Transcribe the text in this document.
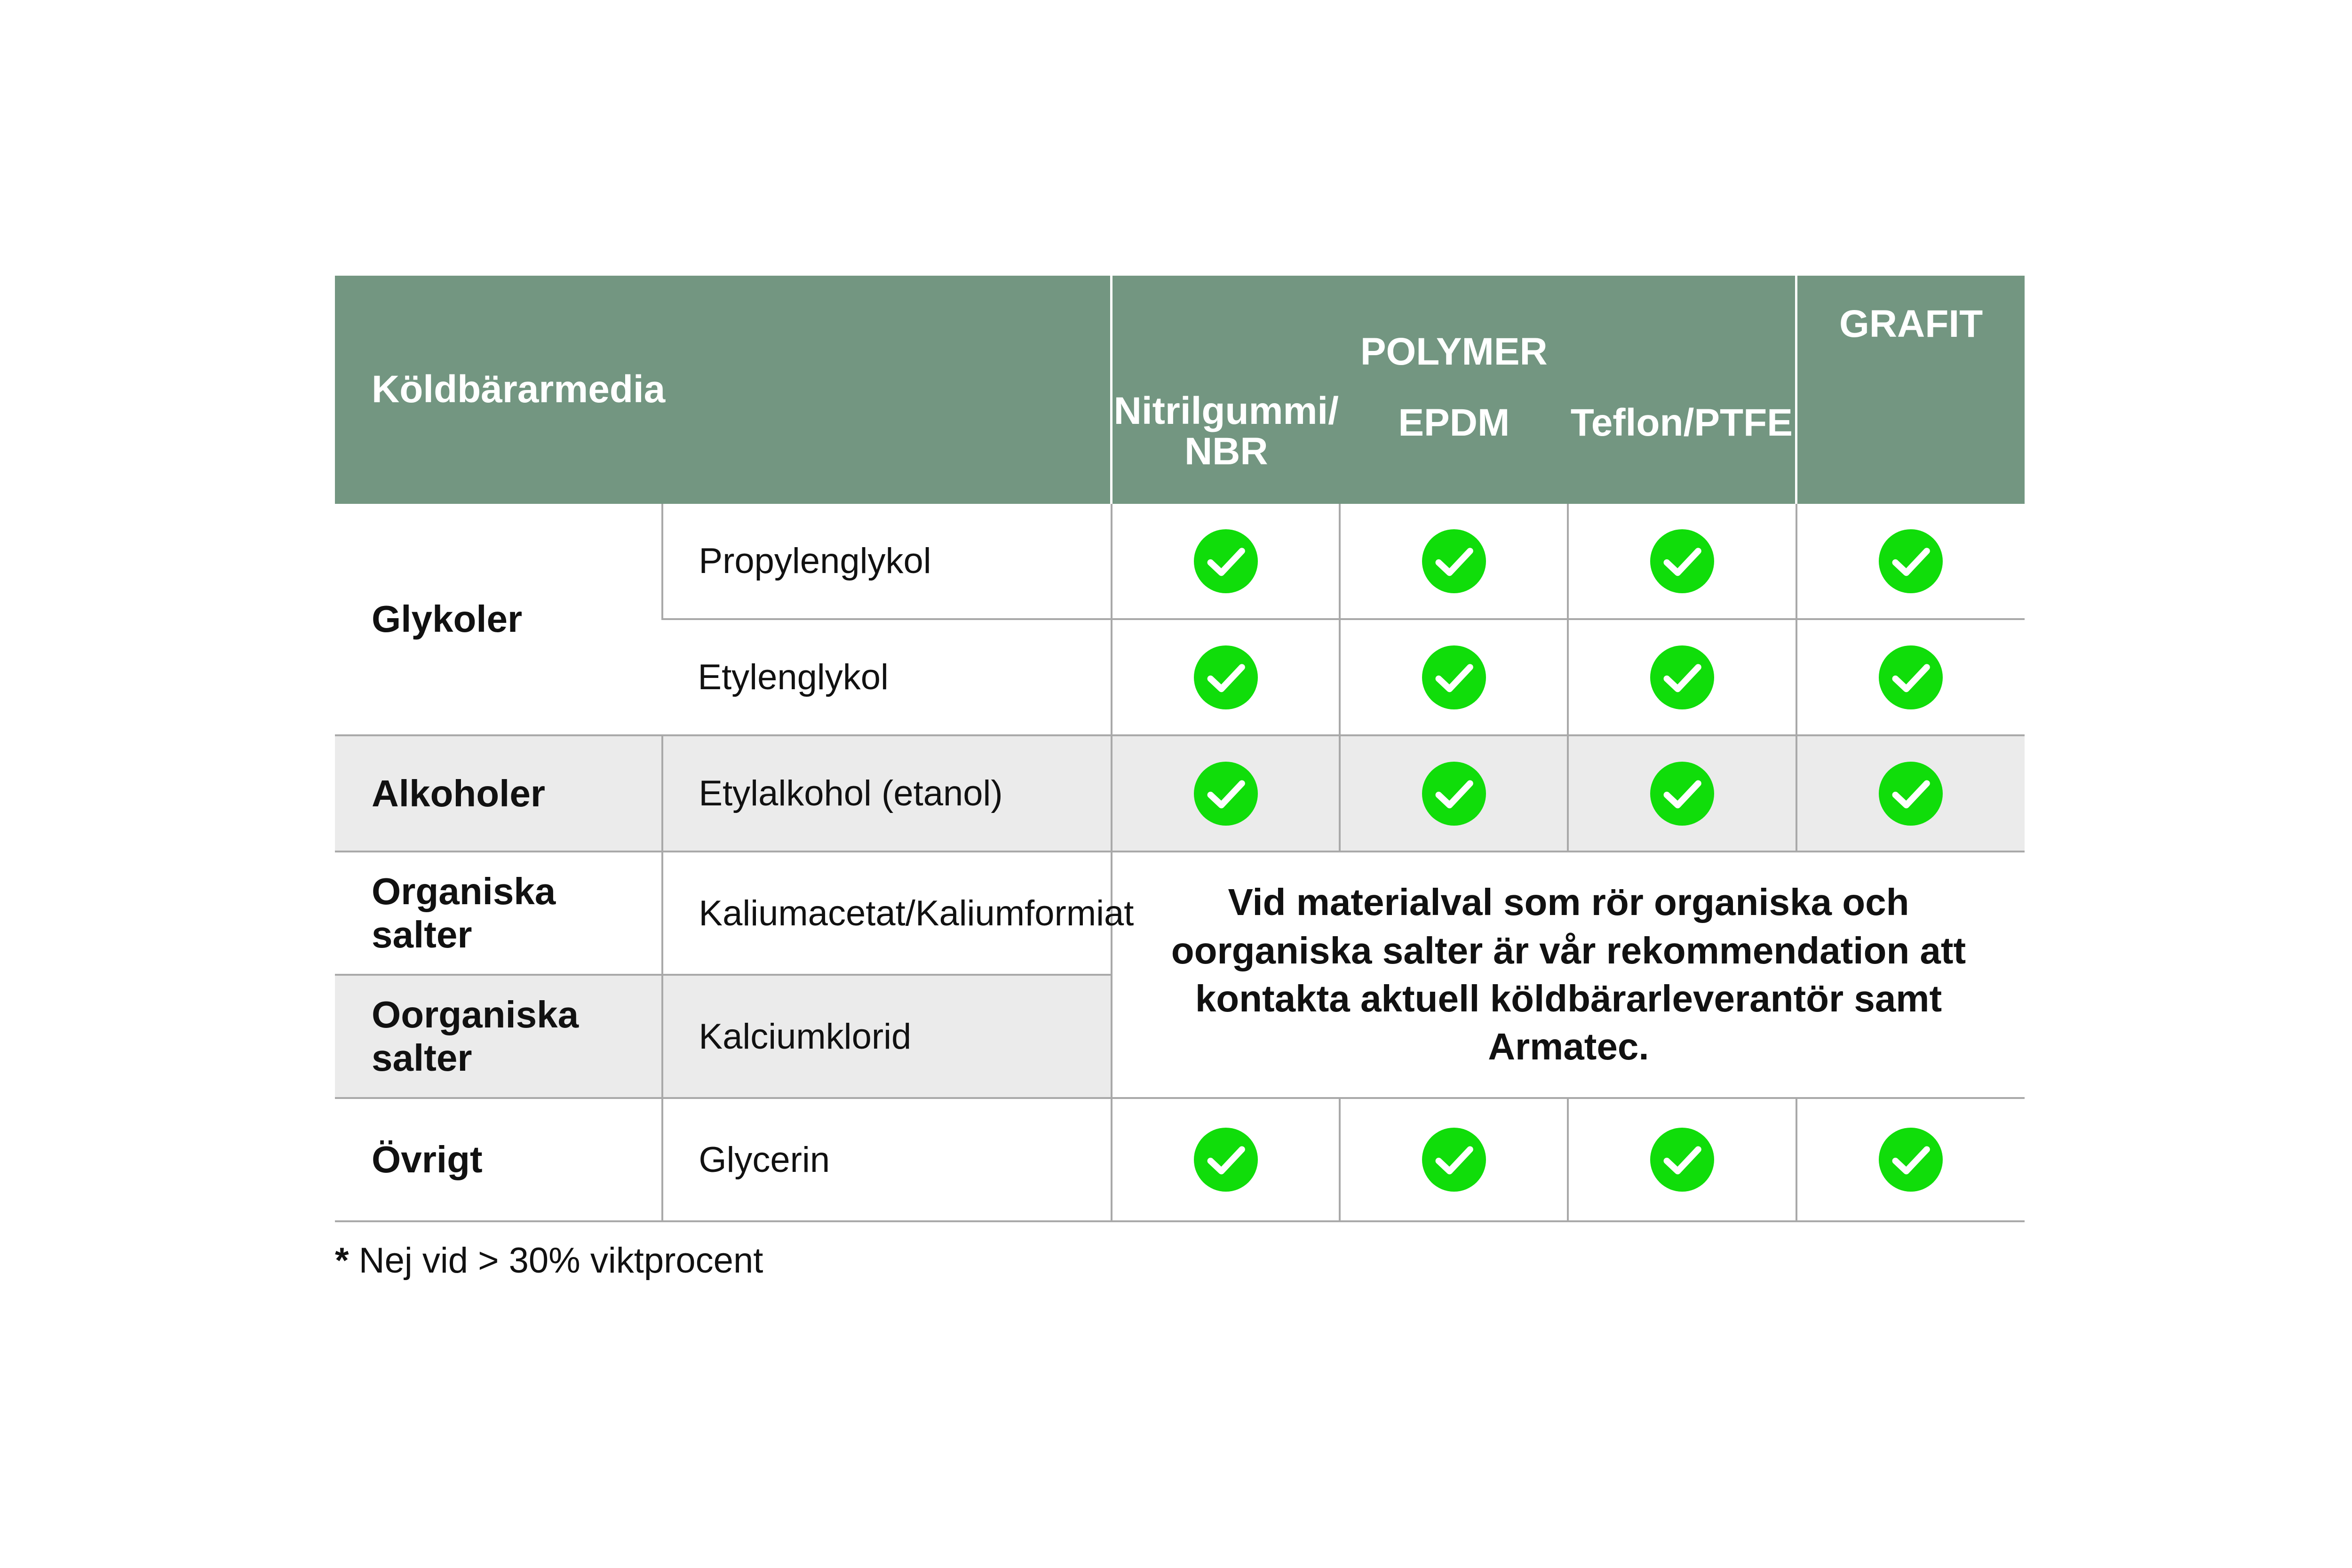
Köldbärarmedia		POLYMER			GRAFIT
		Nitrilgummi/ NBR	EPDM	Teflon/PTFE	
Glykoler	Propylenglykol				
	Etylenglykol				
Alkoholer	Etylalkohol (etanol)				
Organiska salter	Kaliumacetat/Kaliumformiat	Vid materialval som rör organiska och oorganiska salter är vår rekommendation att kontakta aktuell köldbärarleverantör samt Armatec.			
Oorganiska salter	Kalciumklorid				
Övrigt	Glycerin				
* Nej vid > 30% viktprocent
